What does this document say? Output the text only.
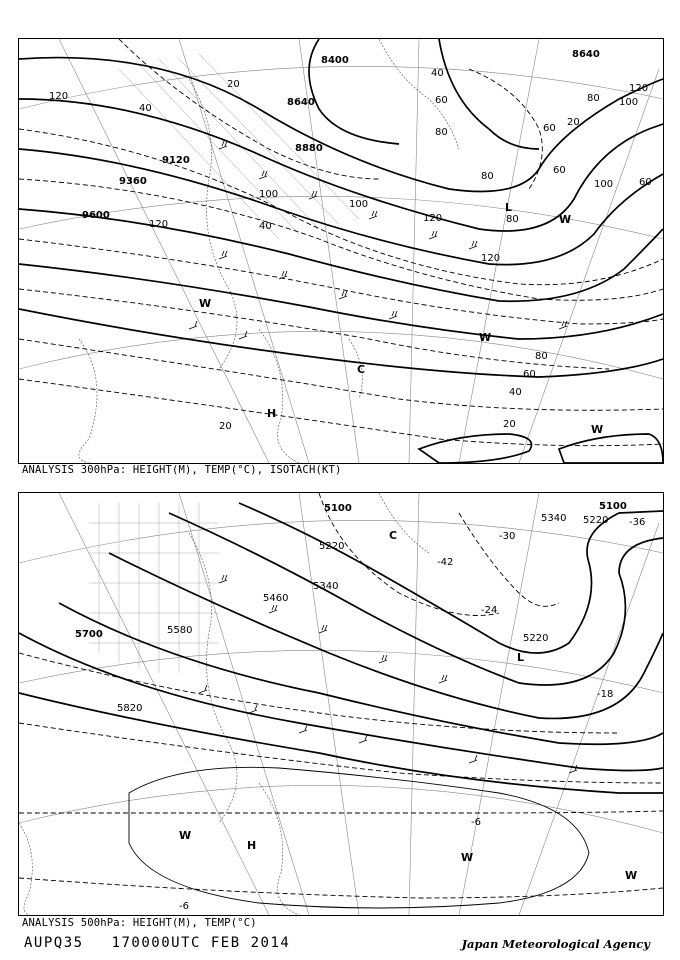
8400
8640
8880
9120
9360
9600
8640
120
40
20
40
60
80
100
120
80
100
120
80
60
20
100
120
40
60
80
100
120
80
60
40
20
20
60
H
L
W
W
W
C
W
ANALYSIS 300hPa: HEIGHT(M), TEMP(°C), ISOTACH(KT)
5100
5220
5340
5460
5580
5700
5820
5100
5220
5340
5220
-36
-24
-18
-6
-6
-30
-42
H
L
C
W
W
W
ANALYSIS 500hPa: HEIGHT(M), TEMP(°C)
AUPQ35 170000UTC FEB 2014	Japan Meteorological Agency
